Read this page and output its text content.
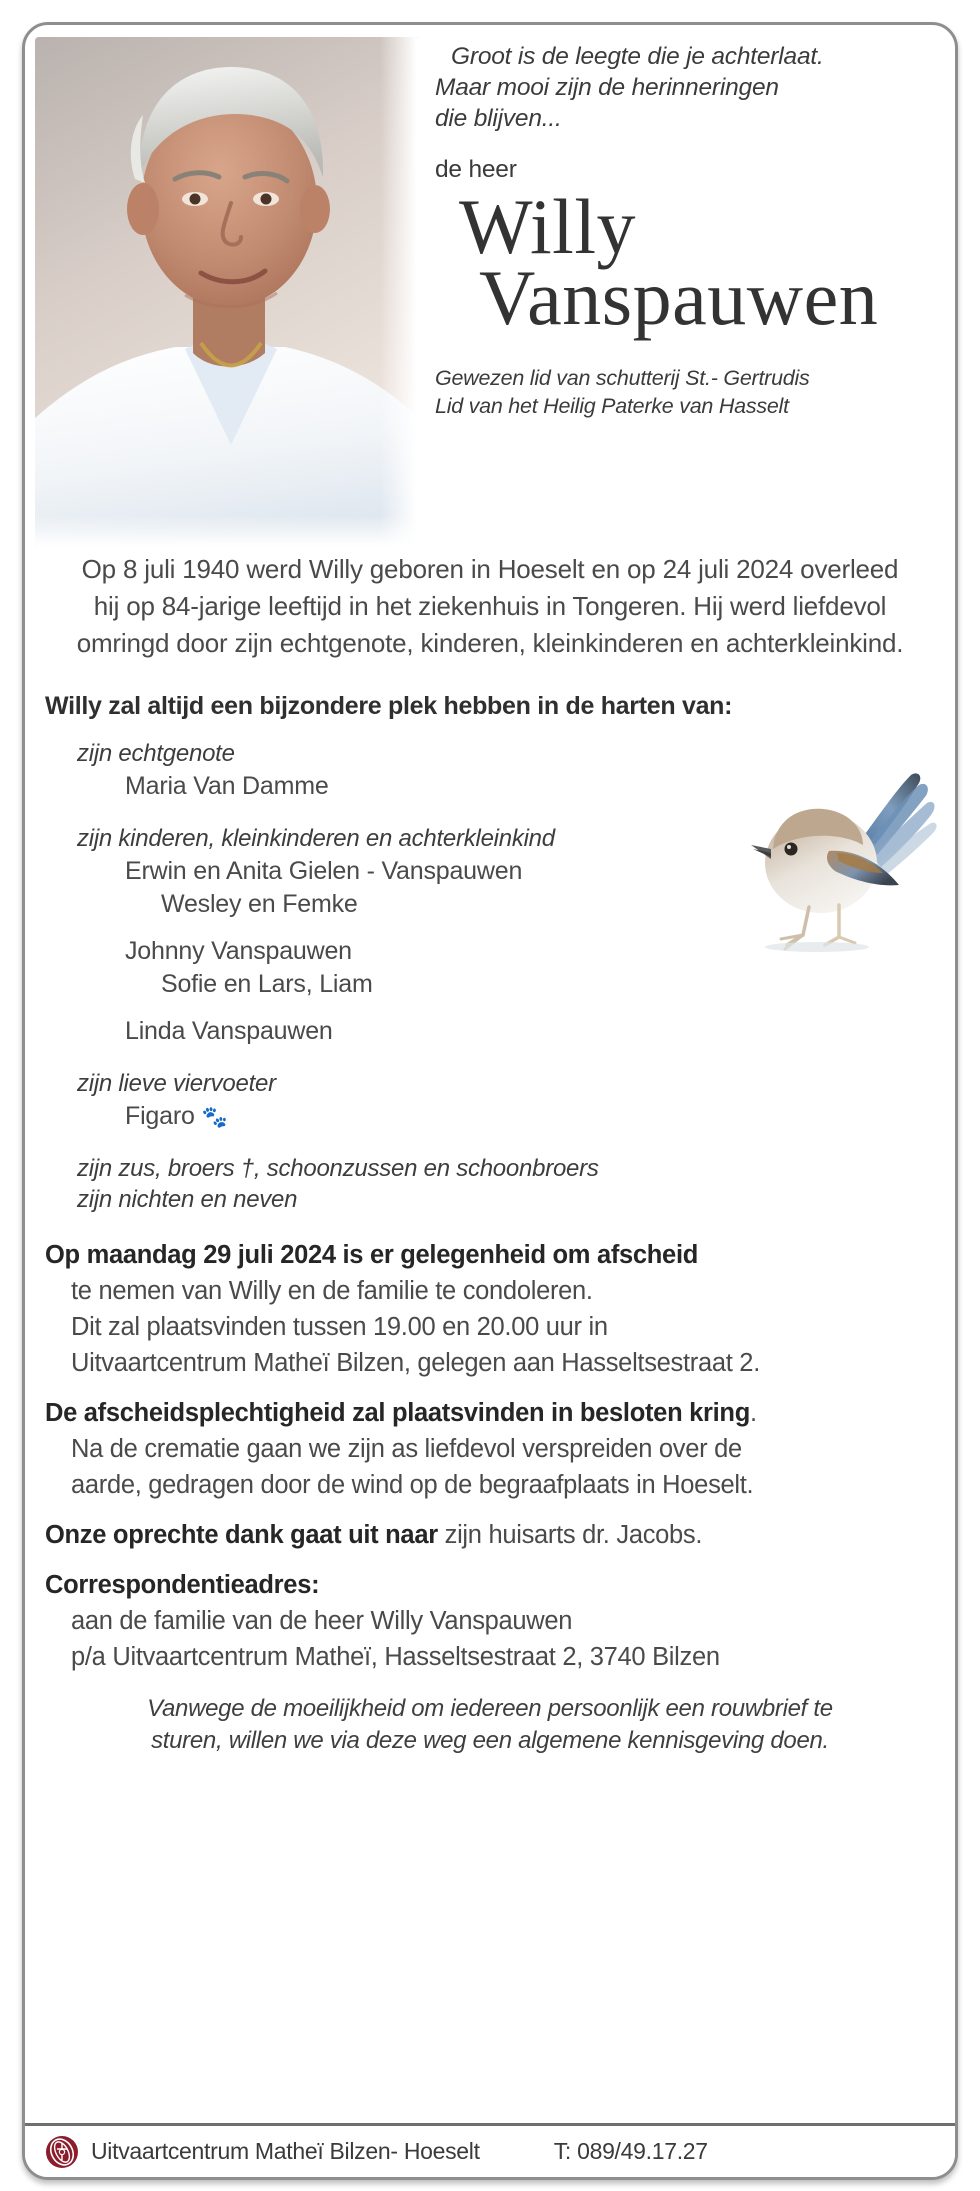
Groot is de leegte die je achterlaat.
Maar mooi zijn de herinneringen
die blijven...
de heer
Willy
Vanspauwen
Gewezen lid van schutterij St.- Gertrudis
Lid van het Heilig Paterke van Hasselt
Op 8 juli 1940 werd Willy geboren in Hoeselt en op 24 juli 2024 overleed hij op 84-jarige leeftijd in het ziekenhuis in Tongeren. Hij werd liefdevol omringd door zijn echtgenote, kinderen, kleinkinderen en achterkleinkind.
Willy zal altijd een bijzondere plek hebben in de harten van:
zijn echtgenote
Maria Van Damme
zijn kinderen, kleinkinderen en achterkleinkind
Erwin en Anita Gielen - Vanspauwen
Wesley en Femke
Johnny Vanspauwen
Sofie en Lars, Liam
Linda Vanspauwen
zijn lieve viervoeter
Figaro 🐾
zijn zus, broers †, schoonzussen en schoonbroers
zijn nichten en neven
Op maandag 29 juli 2024 is er gelegenheid om afscheid
te nemen van Willy en de familie te condoleren.
Dit zal plaatsvinden tussen 19.00 en 20.00 uur in
Uitvaartcentrum Matheï Bilzen, gelegen aan Hasseltsestraat 2.
De afscheidsplechtigheid zal plaatsvinden in besloten kring.
Na de crematie gaan we zijn as liefdevol verspreiden over de
aarde, gedragen door de wind op de begraafplaats in Hoeselt.
Onze oprechte dank gaat uit naar zijn huisarts dr. Jacobs.
Correspondentieadres:
aan de familie van de heer Willy Vanspauwen
p/a Uitvaartcentrum Matheï, Hasseltsestraat 2, 3740 Bilzen
Vanwege de moeilijkheid om iedereen persoonlijk een rouwbrief te
sturen, willen we via deze weg een algemene kennisgeving doen.
Uitvaartcentrum Matheï Bilzen- Hoeselt	T: 089/49.17.27
